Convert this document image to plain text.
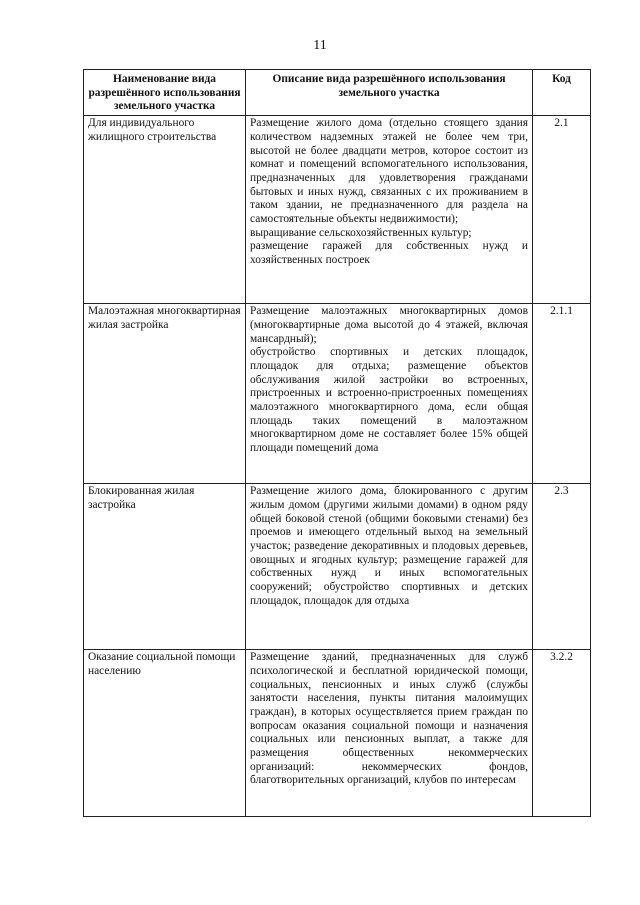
11
Наименование вида разрешённого использования земельного участка	Описание вида разрешённого использования земельного участка	Код
Для индивидуального жилищного строительства	Размещение жилого дома (отдельно стоящего здания количеством надземных этажей не более чем три, высотой не более двадцати метров, которое состоит из комнат и помещений вспомогательного использования, предназначенных для удовлетворения гражданами бытовых и иных нужд, связанных с их проживанием в таком здании, не предназначенного для раздела на самостоятельные объекты недвижимости);
выращивание сельскохозяйственных культур;
размещение гаражей для собственных нужд и хозяйственных построек	2.1
Малоэтажная многоквартирная жилая застройка	Размещение малоэтажных многоквартирных домов (многоквартирные дома высотой до 4 этажей, включая мансардный);
обустройство спортивных и детских площадок, площадок для отдыха; размещение объектов обслуживания жилой застройки во встроенных, пристроенных и встроенно-пристроенных помещениях малоэтажного многоквартирного дома, если общая площадь таких помещений в малоэтажном многоквартирном доме не составляет более 15% общей площади помещений дома	2.1.1
Блокированная жилая застройка	Размещение жилого дома, блокированного с другим жилым домом (другими жилыми домами) в одном ряду общей боковой стеной (общими боковыми стенами) без проемов и имеющего отдельный выход на земельный участок; разведение декоративных и плодовых деревьев, овощных и ягодных культур; размещение гаражей для собственных нужд и иных вспомогательных сооружений; обустройство спортивных и детских площадок, площадок для отдыха	2.3
Оказание социальной помощи населению	Размещение зданий, предназначенных для служб психологической и бесплатной юридической помощи, социальных, пенсионных и иных служб (службы занятости населения, пункты питания малоимущих граждан), в которых осуществляется прием граждан по вопросам оказания социальной помощи и назначения социальных или пенсионных выплат, а также для размещения общественных некоммерческих организаций: некоммерческих фондов, благотворительных организаций, клубов по интересам	3.2.2
